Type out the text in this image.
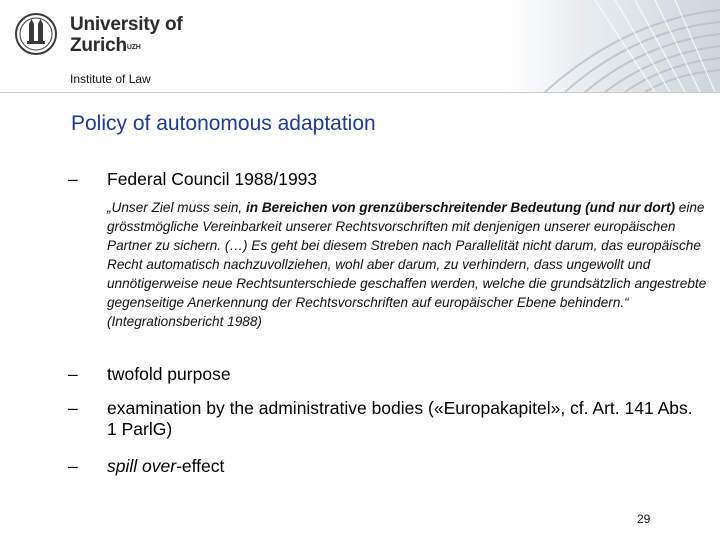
University of
Zurich$^{UZH}$
Institute of Law
Policy of autonomous adaptation
–	Federal Council 1988/1993
„Unser Ziel muss sein, in Bereichen von grenzüberschreitender Bedeutung (und nur dort) eine grösstmögliche Vereinbarkeit unserer Rechtsvorschriften mit denjenigen unserer europäischen Partner zu sichern. (…) Es geht bei diesem Streben nach Parallelität nicht darum, das europäische Recht automatisch nachzuvollziehen, wohl aber darum, zu verhindern, dass ungewollt und unnötigerweise neue Rechtsunterschiede geschaffen werden, welche die grundsätzlich angestrebte gegenseitige Anerkennung der Rechtsvorschriften auf europäischer Ebene behindern.“ (Integrationsbericht 1988)
–	twofold purpose
–	examination by the administrative bodies («Europakapitel», cf. Art. 141 Abs. 1 ParlG)
–	spill over-effect
29
